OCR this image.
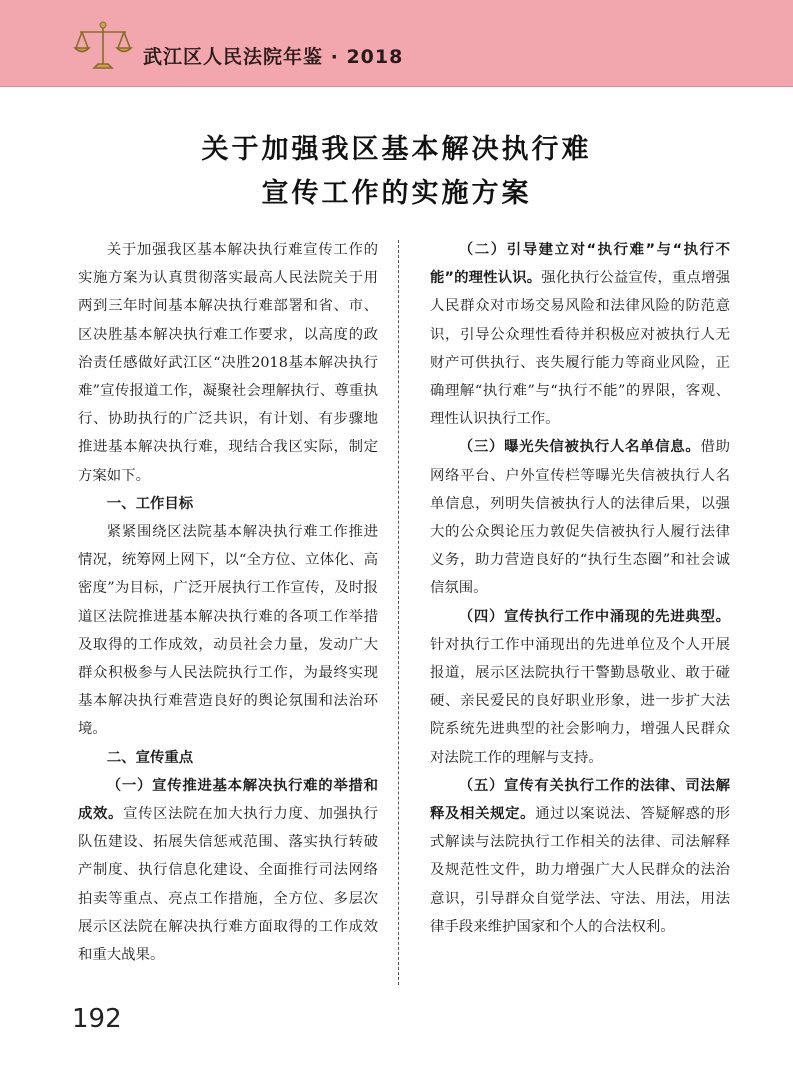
武江区人民法院年鉴 · 2018
关于加强我区基本解决执行难
宣传工作的实施方案

关于加强我区基本解决执行难宣传工作的实施方案为认真贯彻落实最高人民法院关于用两到三年时间基本解决执行难部署和省、市、区决胜基本解决执行难工作要求，以高度的政治责任感做好武江区“决胜2018基本解决执行难”宣传报道工作，凝聚社会理解执行、尊重执行、协助执行的广泛共识，有计划、有步骤地推进基本解决执行难，现结合我区实际，制定方案如下。

一、工作目标

紧紧围绕区法院基本解决执行难工作推进情况，统筹网上网下，以“全方位、立体化、高密度”为目标，广泛开展执行工作宣传，及时报道区法院推进基本解决执行难的各项工作举措及取得的工作成效，动员社会力量，发动广大群众积极参与人民法院执行工作，为最终实现基本解决执行难营造良好的舆论氛围和法治环境。

二、宣传重点

（一）宣传推进基本解决执行难的举措和成效。宣传区法院在加大执行力度、加强执行队伍建设、拓展失信惩戒范围、落实执行转破产制度、执行信息化建设、全面推行司法网络拍卖等重点、亮点工作措施，全方位、多层次展示区法院在解决执行难方面取得的工作成效和重大战果。

（二）引导建立对“执行难”与“执行不能”的理性认识。强化执行公益宣传，重点增强人民群众对市场交易风险和法律风险的防范意识，引导公众理性看待并积极应对被执行人无财产可供执行、丧失履行能力等商业风险，正确理解“执行难”与“执行不能”的界限，客观、理性认识执行工作。

（三）曝光失信被执行人名单信息。借助网络平台、户外宣传栏等曝光失信被执行人名单信息，列明失信被执行人的法律后果，以强大的公众舆论压力敦促失信被执行人履行法律义务，助力营造良好的“执行生态圈”和社会诚信氛围。

（四）宣传执行工作中涌现的先进典型。针对执行工作中涌现出的先进单位及个人开展报道，展示区法院执行干警勤恳敬业、敢于碰硬、亲民爱民的良好职业形象，进一步扩大法院系统先进典型的社会影响力，增强人民群众对法院工作的理解与支持。

（五）宣传有关执行工作的法律、司法解释及相关规定。通过以案说法、答疑解惑的形式解读与法院执行工作相关的法律、司法解释及规范性文件，助力增强广大人民群众的法治意识，引导群众自觉学法、守法、用法，用法律手段来维护国家和个人的合法权利。

192
